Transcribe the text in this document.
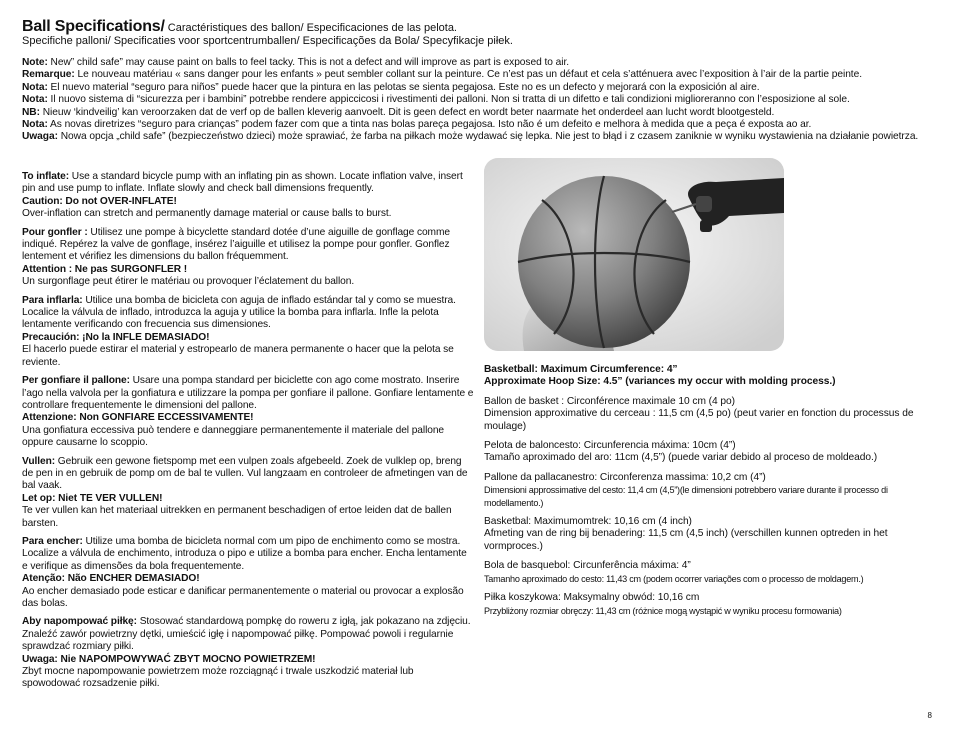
Ball Specifications/ Caractéristiques des ballon/ Especificaciones de las pelota.
Specifiche palloni/ Specificaties voor sportcentrumballen/ Especificações da Bola/ Specyfikacje piłek.

Note: New” child safe” may cause paint on balls to feel tacky. This is not a defect and will improve as part is exposed to air.

Remarque: Le nouveau matériau « sans danger pour les enfants » peut sembler collant sur la peinture. Ce n’est pas un défaut et cela s’atténuera avec l’exposition à l’air de la partie peinte.

Nota: El nuevo material “seguro para niños” puede hacer que la pintura en las pelotas se sienta pegajosa. Este no es un defecto y mejorará con la exposición al aire.

Nota: Il nuovo sistema di “sicurezza per i bambini” potrebbe rendere appiccicosi i rivestimenti dei palloni. Non si tratta di un difetto e tali condizioni miglioreranno con l’esposizione al sole.

NB: Nieuw ‘kindveilig’ kan veroorzaken dat de verf op de ballen kleverig aanvoelt. Dit is geen defect en wordt beter naarmate het onderdeel aan lucht wordt blootgesteld.

Nota: As novas diretrizes “seguro para crianças” podem fazer com que a tinta nas bolas pareça pegajosa. Isto não é um defeito e melhora à medida que a peça é exposta ao ar.

Uwaga: Nowa opcja „child safe” (bezpieczeństwo dzieci) może sprawiać, że farba na piłkach może wydawać się lepka. Nie jest to błąd i z czasem zaniknie w wyniku wystawienia na działanie powietrza.

To inflate: Use a standard bicycle pump with an inflating pin as shown. Locate inflation valve, insert pin and use pump to inflate. Inflate slowly and check ball dimensions frequently.

Caution: Do not OVER-INFLATE!

Over-inflation can stretch and permanently damage material or cause balls to burst.

Pour gonfler : Utilisez une pompe à bicyclette standard dotée d’une aiguille de gonflage comme indiqué. Repérez la valve de gonflage, insérez l’aiguille et utilisez la pompe pour gonfler. Gonflez lentement et vérifiez les dimensions du ballon fréquemment.

Attention : Ne pas SURGONFLER !

Un surgonflage peut étirer le matériau ou provoquer l’éclatement du ballon.

Para inflarla: Utilice una bomba de bicicleta con aguja de inflado estándar tal y como se muestra. Localice la válvula de inflado, introduzca la aguja y utilice la bomba para inflarla. Infle la pelota lentamente verificando con frecuencia sus dimensiones.

Precaución: ¡No la INFLE DEMASIADO!

El hacerlo puede estirar el material y estropearlo de manera permanente o hacer que la pelota se reviente.

Per gonfiare il pallone: Usare una pompa standard per biciclette con ago come mostrato. Inserire l’ago nella valvola per la gonfiatura e utilizzare la pompa per gonfiare il pallone. Gonfiare lentamente e controllare frequentemente le dimensioni del pallone.

Attenzione: Non GONFIARE ECCESSIVAMENTE!

Una gonfiatura eccessiva può tendere e danneggiare permanentemente il materiale del pallone oppure causarne lo scoppio.

Vullen: Gebruik een gewone fietspomp met een vulpen zoals afgebeeld. Zoek de vulklep op, breng de pen in en gebruik de pomp om de bal te vullen. Vul langzaam en controleer de afmetingen van de bal vaak.

Let op: Niet TE VER VULLEN!

Te ver vullen kan het materiaal uitrekken en permanent beschadigen of ertoe leiden dat de ballen barsten.

Para encher: Utilize uma bomba de bicicleta normal com um pipo de enchimento como se mostra. Localize a válvula de enchimento, introduza o pipo e utilize a bomba para encher. Encha lentamente e verifique as dimensões da bola frequentemente.

Atenção: Não ENCHER DEMASIADO!

Ao encher demasiado pode esticar e danificar permanentemente o material ou provocar a explosão das bolas.

Aby napompować piłkę: Stosować standardową pompkę do roweru z igłą, jak pokazano na zdjęciu. Znaleźć zawór powietrzny dętki, umieścić igłę i napompować piłkę. Pompować powoli i regularnie sprawdzać rozmiary piłki.

Uwaga: Nie NAPOMPOWYWAĆ ZBYT MOCNO POWIETRZEM!

Zbyt mocne napompowanie powietrzem może rozciągnąć i trwale uszkodzić materiał lub spowodować rozsadzenie piłki.

Basketball: Maximum Circumference: 4”

Approximate Hoop Size: 4.5” (variances my occur with molding process.)

Ballon de basket : Circonférence maximale 10 cm (4 po)

Dimension approximative du cerceau : 11,5 cm (4,5 po) (peut varier en fonction du processus de moulage)

Pelota de baloncesto: Circunferencia máxima: 10cm (4”)

Tamaño aproximado del aro: 11cm (4,5”) (puede variar debido al proceso de moldeado.)

Pallone da pallacanestro: Circonferenza massima: 10,2 cm (4”)

Dimensioni approssimative del cesto: 11,4 cm (4,5”)(le dimensioni potrebbero variare durante il processo di modellamento.)

Basketbal: Maximumomtrek: 10,16 cm (4 inch)

Afmeting van de ring bij benadering: 11,5 cm (4,5 inch) (verschillen kunnen optreden in het vormproces.)

Bola de basquebol: Circunferência máxima: 4”

Tamanho aproximado do cesto: 11,43 cm (podem ocorrer variações com o processo de moldagem.)

Piłka koszykowa: Maksymalny obwód: 10,16 cm

Przybliżony rozmiar obręczy: 11,43 cm (różnice mogą wystąpić w wyniku procesu formowania)

8
